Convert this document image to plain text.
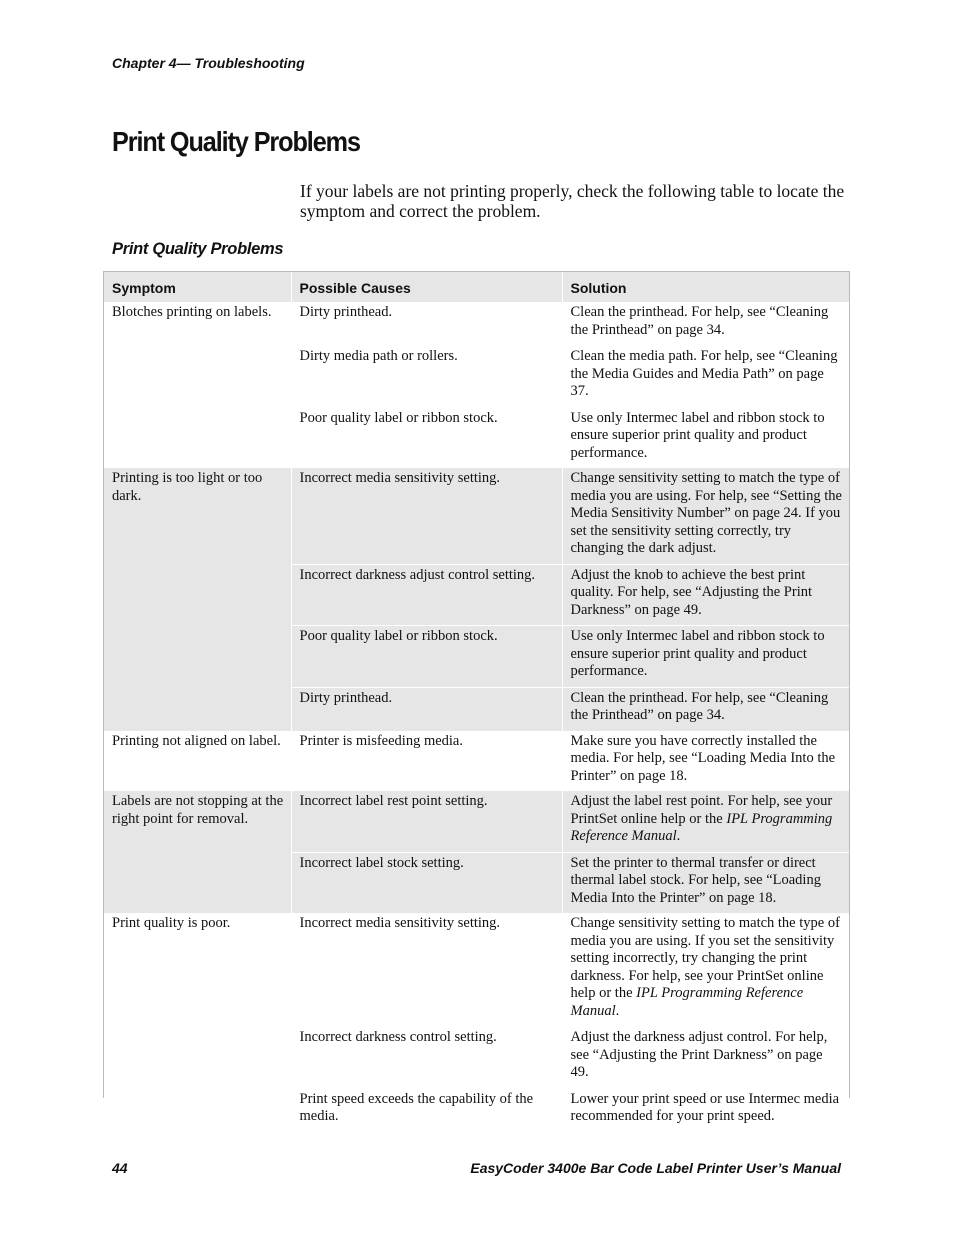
Chapter 4— Troubleshooting
Print Quality Problems

If your labels are not printing properly, check the following table to locate the symptom and correct the problem.

Print Quality Problems
Symptom	Possible Causes	Solution
Blotches printing on labels.	Dirty printhead.	Clean the printhead. For help, see “Cleaning the Printhead” on page 34.
	Dirty media path or rollers.	Clean the media path. For help, see “Cleaning the Media Guides and Media Path” on page 37.
	Poor quality label or ribbon stock.	Use only Intermec label and ribbon stock to ensure superior print quality and product performance.
Printing is too light or too dark.	Incorrect media sensitivity setting.	Change sensitivity setting to match the type of media you are using. For help, see “Setting the Media Sensitivity Number” on page 24. If you set the sensitivity setting correctly, try changing the dark adjust.
	Incorrect darkness adjust control setting.	Adjust the knob to achieve the best print quality. For help, see “Adjusting the Print Darkness” on page 49.
	Poor quality label or ribbon stock.	Use only Intermec label and ribbon stock to ensure superior print quality and product performance.
	Dirty printhead.	Clean the printhead. For help, see “Cleaning the Printhead” on page 34.
Printing not aligned on label.	Printer is misfeeding media.	Make sure you have correctly installed the media. For help, see “Loading Media Into the Printer” on page 18.
Labels are not stopping at the right point for removal.	Incorrect label rest point setting.	Adjust the label rest point. For help, see your PrintSet online help or the IPL Programming Reference Manual.
	Incorrect label stock setting.	Set the printer to thermal transfer or direct thermal label stock. For help, see “Loading Media Into the Printer” on page 18.
Print quality is poor.	Incorrect media sensitivity setting.	Change sensitivity setting to match the type of media you are using. If you set the sensitivity setting incorrectly, try changing the print darkness. For help, see your PrintSet online help or the IPL Programming Reference Manual.
	Incorrect darkness control setting.	Adjust the darkness adjust control. For help, see “Adjusting the Print Darkness” on page 49.
	Print speed exceeds the capability of the media.	Lower your print speed or use Intermec media recommended for your print speed.
44	EasyCoder 3400e Bar Code Label Printer User’s Manual
